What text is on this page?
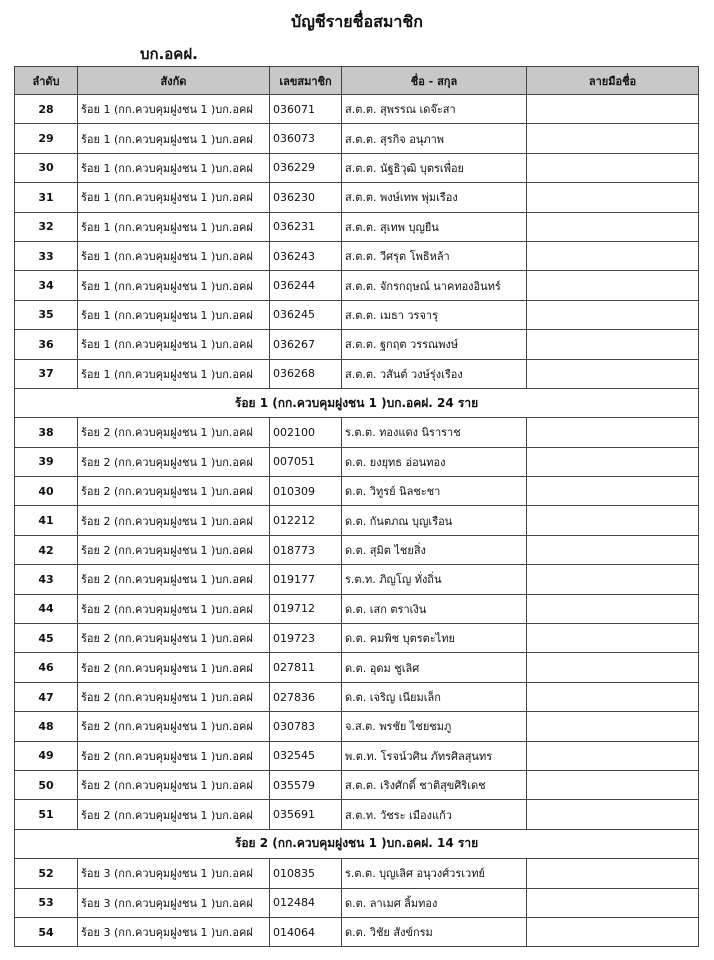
บัญชีรายชื่อสมาชิก
บก.อคฝ.
ลำดับ	สังกัด	เลขสมาชิก	ชื่อ - สกุล	ลายมือชื่อ
28	ร้อย 1 (กก.ควบคุมฝูงชน 1 )บก.อคฝ	036071	ส.ต.ต. สุพรรณ เดจ๊ะสา	
29	ร้อย 1 (กก.ควบคุมฝูงชน 1 )บก.อคฝ	036073	ส.ต.ต. สุรกิจ อนุภาพ	
30	ร้อย 1 (กก.ควบคุมฝูงชน 1 )บก.อคฝ	036229	ส.ต.ต. นัฐธิวุฒิ บุตรเพื่อย	
31	ร้อย 1 (กก.ควบคุมฝูงชน 1 )บก.อคฝ	036230	ส.ต.ต. พงษ์เทพ พุ่มเรือง	
32	ร้อย 1 (กก.ควบคุมฝูงชน 1 )บก.อคฝ	036231	ส.ต.ต. สุเทพ บุญยืน	
33	ร้อย 1 (กก.ควบคุมฝูงชน 1 )บก.อคฝ	036243	ส.ต.ต. วีศรุต โพธิหล้า	
34	ร้อย 1 (กก.ควบคุมฝูงชน 1 )บก.อคฝ	036244	ส.ต.ต. จักรกฤษณ์ นาคทองอินทร์	
35	ร้อย 1 (กก.ควบคุมฝูงชน 1 )บก.อคฝ	036245	ส.ต.ต. เมธา วรจารุ	
36	ร้อย 1 (กก.ควบคุมฝูงชน 1 )บก.อคฝ	036267	ส.ต.ต. ฐกฤต วรรณพงษ์	
37	ร้อย 1 (กก.ควบคุมฝูงชน 1 )บก.อคฝ	036268	ส.ต.ต. วสันต์ วงษ์รุ่งเรือง	
ร้อย 1 (กก.ควบคุมฝูงชน 1 )บก.อคฝ. 24 ราย				
38	ร้อย 2 (กก.ควบคุมฝูงชน 1 )บก.อคฝ	002100	ร.ต.ต. ทองแดง นิราราช	
39	ร้อย 2 (กก.ควบคุมฝูงชน 1 )บก.อคฝ	007051	ด.ต. ยงยุทธ อ่อนทอง	
40	ร้อย 2 (กก.ควบคุมฝูงชน 1 )บก.อคฝ	010309	ด.ต. วิทูรย์ นิลชะชา	
41	ร้อย 2 (กก.ควบคุมฝูงชน 1 )บก.อคฝ	012212	ด.ต. กันตภณ บุญเรือน	
42	ร้อย 2 (กก.ควบคุมฝูงชน 1 )บก.อคฝ	018773	ด.ต. สุมิต ไชยสิ่ง	
43	ร้อย 2 (กก.ควบคุมฝูงชน 1 )บก.อคฝ	019177	ร.ต.ท. ภิญโญ ทั่งถิ่น	
44	ร้อย 2 (กก.ควบคุมฝูงชน 1 )บก.อคฝ	019712	ด.ต. เสก ตราเงิน	
45	ร้อย 2 (กก.ควบคุมฝูงชน 1 )บก.อคฝ	019723	ด.ต. คมพิช บุตรตะไทย	
46	ร้อย 2 (กก.ควบคุมฝูงชน 1 )บก.อคฝ	027811	ด.ต. อุดม ชูเลิศ	
47	ร้อย 2 (กก.ควบคุมฝูงชน 1 )บก.อคฝ	027836	ด.ต. เจริญ เนียมเล็ก	
48	ร้อย 2 (กก.ควบคุมฝูงชน 1 )บก.อคฝ	030783	จ.ส.ต. พรชัย ไชยชมภู	
49	ร้อย 2 (กก.ควบคุมฝูงชน 1 )บก.อคฝ	032545	พ.ต.ท. โรจน์วศิน ภัทรศิลสุนทร	
50	ร้อย 2 (กก.ควบคุมฝูงชน 1 )บก.อคฝ	035579	ส.ต.ต. เริงศักดิ์ ชาติสุขศิริเดช	
51	ร้อย 2 (กก.ควบคุมฝูงชน 1 )บก.อคฝ	035691	ส.ต.ท. วัชระ เมืองแก้ว	
ร้อย 2 (กก.ควบคุมฝูงชน 1 )บก.อคฝ. 14 ราย				
52	ร้อย 3 (กก.ควบคุมฝูงชน 1 )บก.อคฝ	010835	ร.ต.ต. บุญเลิศ อนุวงศ์วรเวทย์	
53	ร้อย 3 (กก.ควบคุมฝูงชน 1 )บก.อคฝ	012484	ด.ต. ลาเมศ ลิ้มทอง	
54	ร้อย 3 (กก.ควบคุมฝูงชน 1 )บก.อคฝ	014064	ด.ต. วิชัย สังข์กรม	
